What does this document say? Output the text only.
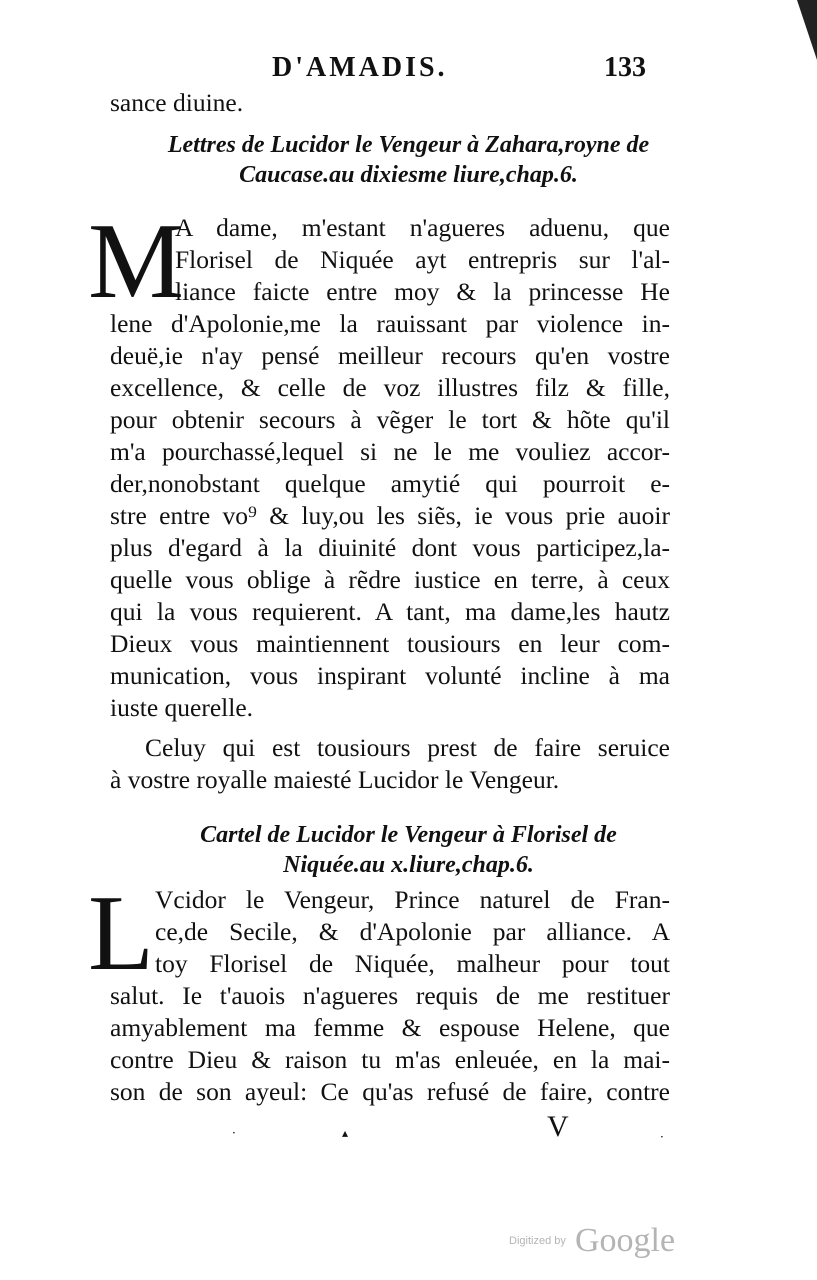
D'AMADIS.	133
sance diuine.
Lettres de Lucidor le Vengeur à Zahara,royne de
Caucase.au dixiesme liure,chap.6.
M
A dame, m'estant n'agueres aduenu, que
Florisel de Niquée ayt entrepris sur l'al-
liance faicte entre moy & la princesse He
lene d'Apolonie,me la rauissant par violence in-
deuë,ie n'ay pensé meilleur recours qu'en vostre
excellence, & celle de voz illustres filz & fille,
pour obtenir secours à vẽger le tort & hõte qu'il
m'a pourchassé,lequel si ne le me vouliez accor-
der,nonobstant quelque amytié qui pourroit e-
stre entre vo⁹ & luy,ou les siẽs, ie vous prie auoir
plus d'egard à la diuinité dont vous participez,la-
quelle vous oblige à rẽdre iustice en terre, à ceux
qui la vous requierent. A tant, ma dame,les hautz
Dieux vous maintiennent tousiours en leur com-
munication, vous inspirant volunté incline à ma
iuste querelle.
Celuy qui est tousiours prest de faire seruice
à vostre royalle maiesté Lucidor le Vengeur.
Cartel de Lucidor le Vengeur à Florisel de
Niquée.au x.liure,chap.6.
L Vcidor le Vengeur, Prince naturel de Fran-
ce,de Secile, & d'Apolonie par alliance. A
toy Florisel de Niquée, malheur pour tout
salut. Ie t'auois n'agueres requis de me restituer
amyablement ma femme & espouse Helene, que
contre Dieu & raison tu m'as enleuée, en la mai-
son de son ayeul: Ce qu'as refusé de faire, contre
▴
·	·
V
Digitized by Google
